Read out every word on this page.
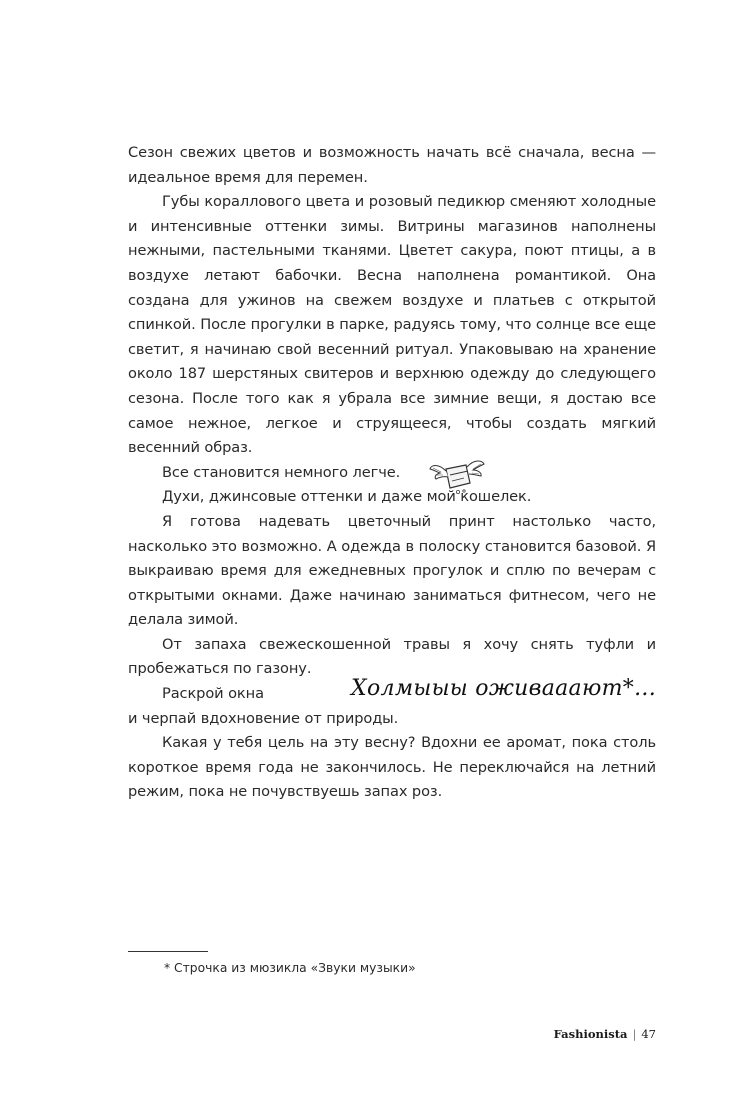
Сезон свежих цветов и возможность начать всё сначала, весна — идеальное время для перемен.

Губы кораллового цвета и розовый педикюр сменяют холодные и интенсивные оттенки зимы. Витрины магазинов наполнены нежными, пастельными тканями. Цветет сакура, поют птицы, а в воздухе летают бабочки. Весна наполнена романтикой. Она создана для ужинов на свежем воздухе и платьев с открытой спинкой. После прогулки в парке, радуясь тому, что солнце все еще светит, я начинаю свой весенний ритуал. Упаковываю на хранение около 187 шерстяных свитеров и верхнюю одежду до следующего сезона. После того как я убрала все зимние вещи, я достаю все самое нежное, легкое и струящееся, чтобы создать мягкий весенний образ.

Все становится немного легче.

Духи, джинсовые оттенки и даже мой кошелек.

Я готова надевать цветочный принт настолько часто, насколько это возможно. А одежда в полоску становится базовой. Я выкраиваю время для ежедневных прогулок и сплю по вечерам с открытыми окнами. Даже начинаю заниматься фитнесом, чего не делала зимой.

От запаха свежескошенной травы я хочу снять туфли и пробежаться по газону.

Раскрой окна	Холмыыы оживааают*...

и черпай вдохновение от природы.

Какая у тебя цель на эту весну? Вдохни ее аромат, пока столь короткое время года не закончилось. Не переключайся на летний режим, пока не почувствуешь запах роз.

* Строчка из мюзикла «Звуки музыки»
Fashionista | 47
